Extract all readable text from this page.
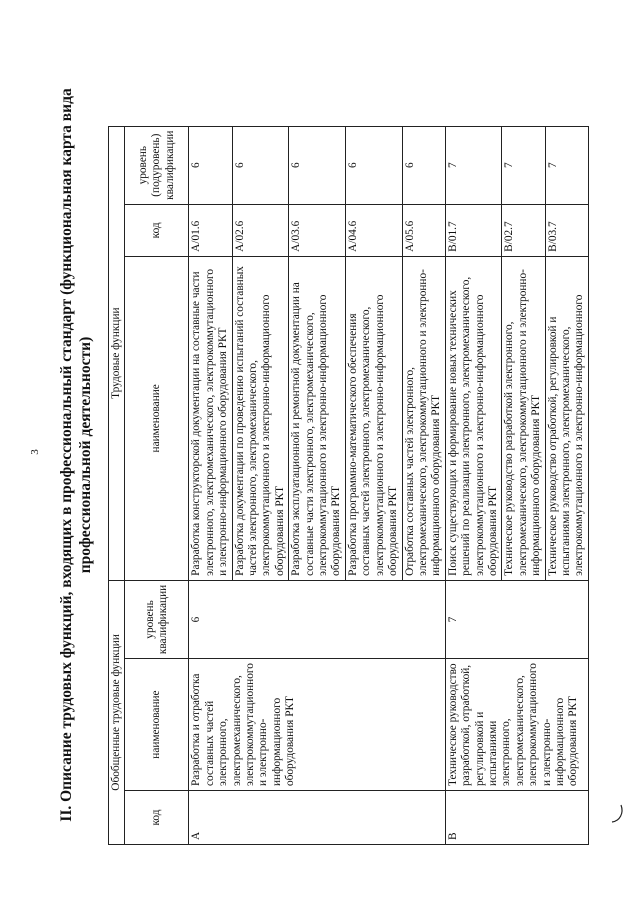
3 II. Описание трудовых функций, входящих в профессиональный стандарт (функциональная карта вида профессиональной деятельности)
Обобщенные трудовые функции			Трудовые функции		
код	наименование	уровень квалификации	наименование	код	уровень (подуровень) квалификации
A	Разработка и отработка составных частей электронного, электромеханического, электрокоммутационного и электронно-информационного оборудования РКТ	6	Разработка конструкторской документации на составные части электронного, электромеханического, электрокоммутационного и электронно-информационного оборудования РКТ	A/01.6	6
			Разработка документации по проведению испытаний составных частей электронного, электромеханического, электрокоммутационного и электронно-информационного оборудования РКТ	A/02.6	6
			Разработка эксплуатационной и ремонтной документации на составные части электронного, электромеханического, электрокоммутационного и электронно-информационного оборудования РКТ	A/03.6	6
			Разработка программно-математического обеспечения составных частей электронного, электромеханического, электрокоммутационного и электронно-информационного оборудования РКТ	A/04.6	6
			Отработка составных частей электронного, электромеханического, электрокоммутационного и электронно-информационного оборудования РКТ	A/05.6	6
B	Техническое руководство разработкой, отработкой, регулировкой и испытаниями электронного, электромеханического, электрокоммутационного и электронно-информационного оборудования РКТ	7	Поиск существующих и формирование новых технических решений по реализации электронного, электромеханического, электрокоммутационного и электронно-информационного оборудования РКТ	B/01.7	7
			Техническое руководство разработкой электронного, электромеханического, электрокоммутационного и электронно-информационного оборудования РКТ	B/02.7	7
			Техническое руководство отработкой, регулировкой и испытаниями электронного, электромеханического, электрокоммутационного и электронно-информационного	B/03.7	7
